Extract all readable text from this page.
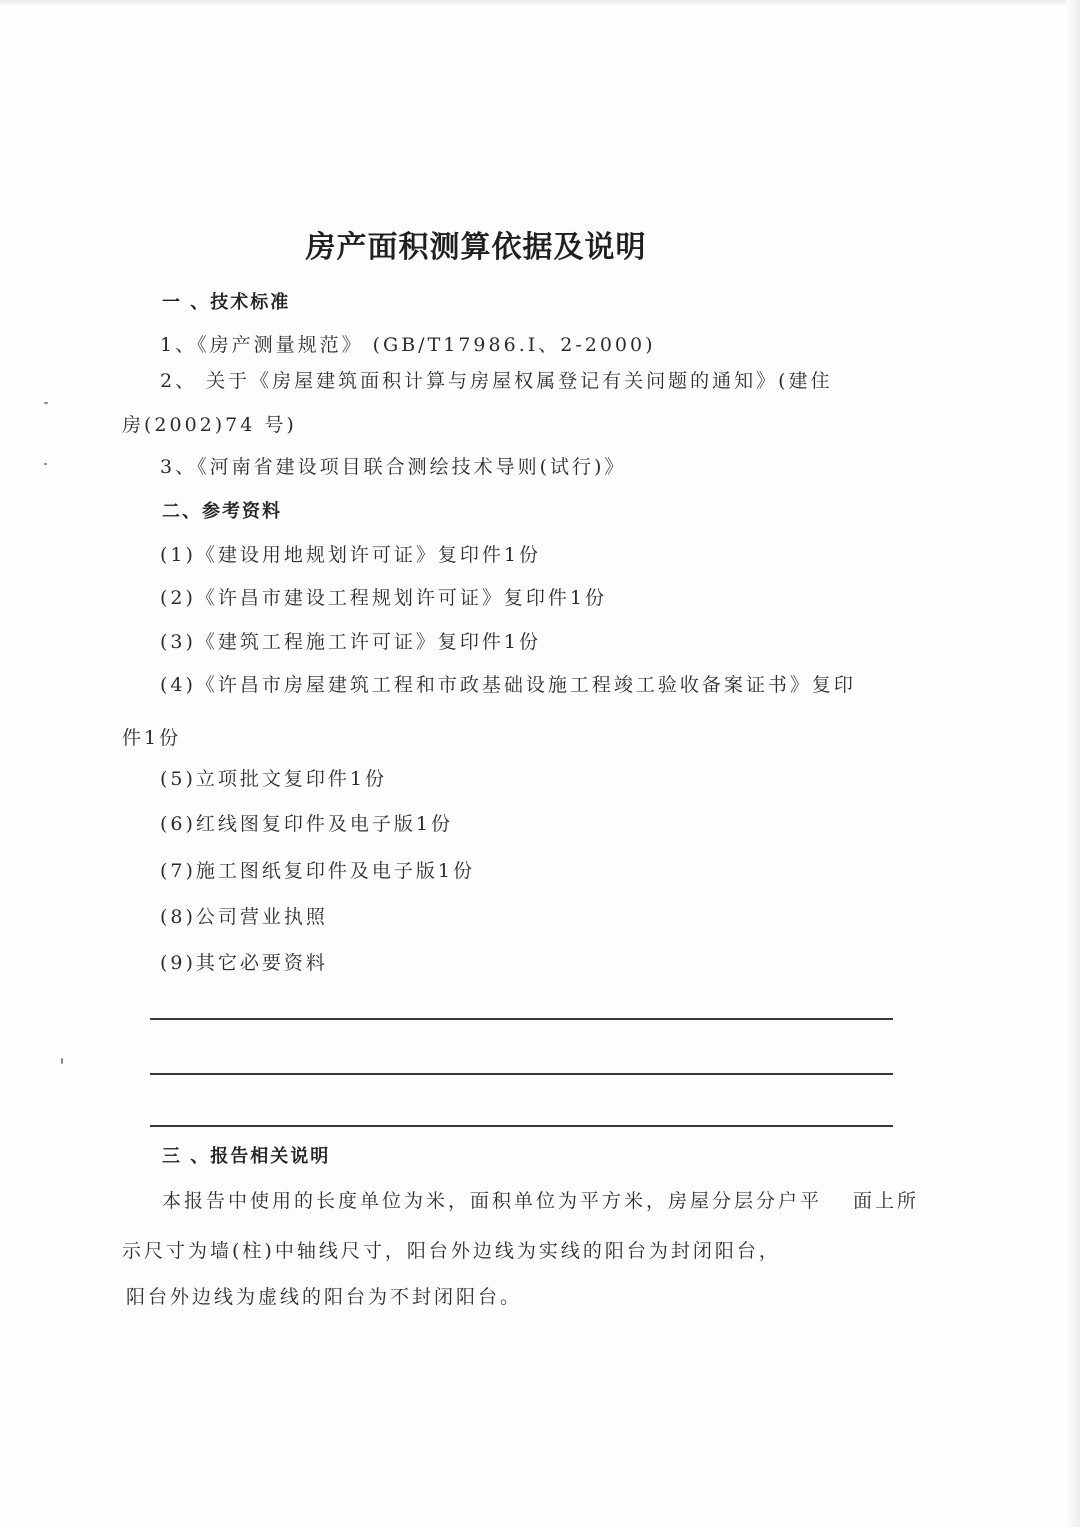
房产面积测算依据及说明
一 、技术标准
1、《房产测量规范》 (GB/T17986.I、2-2000)
2、 关于《房屋建筑面积计算与房屋权属登记有关问题的通知》(建住
房(2002)74 号)
3、《河南省建设项目联合测绘技术导则(试行)》
二、参考资料
(1)《建设用地规划许可证》复印件1份
(2)《许昌市建设工程规划许可证》复印件1份
(3)《建筑工程施工许可证》复印件1份
(4)《许昌市房屋建筑工程和市政基础设施工程竣工验收备案证书》复印
件1份
(5)立项批文复印件1份
(6)红线图复印件及电子版1份
(7)施工图纸复印件及电子版1份
(8)公司营业执照
(9)其它必要资料
三 、报告相关说明
本报告中使用的长度单位为米，面积单位为平方米，房屋分层分户平　 面上所
示尺寸为墙(柱)中轴线尺寸，阳台外边线为实线的阳台为封闭阳台，
阳台外边线为虚线的阳台为不封闭阳台。
